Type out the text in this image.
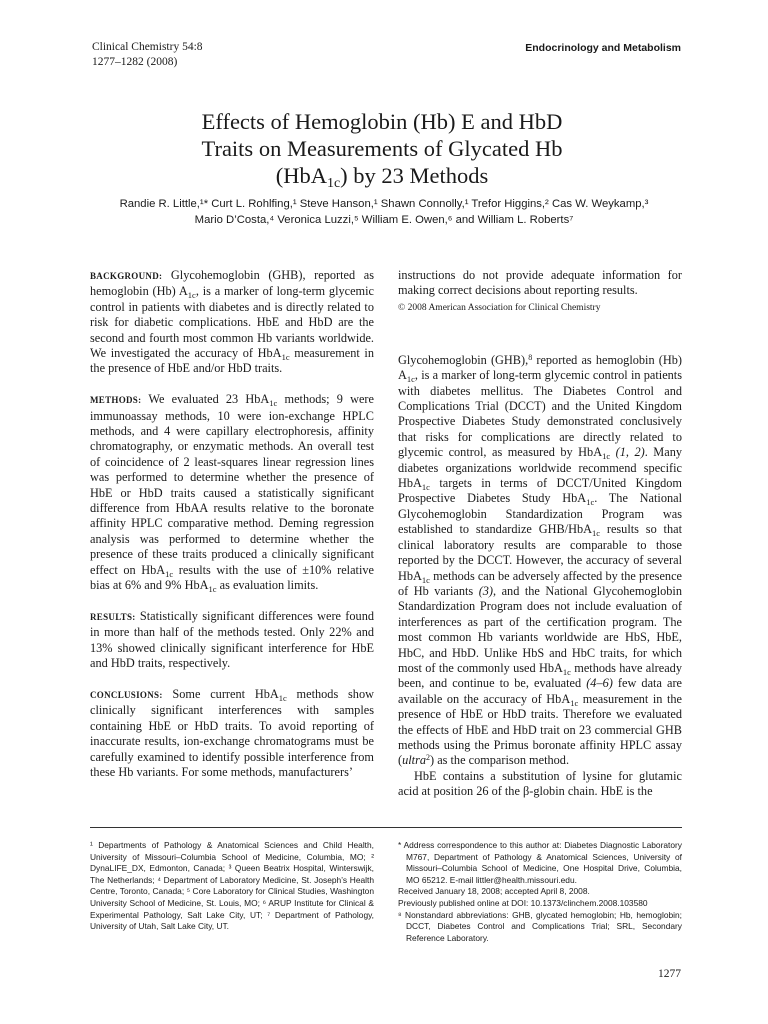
Clinical Chemistry 54:8
1277–1282 (2008)
Endocrinology and Metabolism
Effects of Hemoglobin (Hb) E and HbD
Traits on Measurements of Glycated Hb
(HbA$_{1c}$) by 23 Methods
Randie R. Little,¹* Curt L. Rohlfing,¹ Steve Hanson,¹ Shawn Connolly,¹ Trefor Higgins,² Cas W. Weykamp,³
Mario D’Costa,⁴ Veronica Luzzi,⁵ William E. Owen,⁶ and William L. Roberts⁷

BACKGROUND: Glycohemoglobin (GHB), reported as hemoglobin (Hb) $A_{1c}$, is a marker of long-term glycemic control in patients with diabetes and is directly related to risk for diabetic complications. HbE and HbD are the second and fourth most common Hb variants worldwide. We investigated the accuracy of HbA$_{1c}$ measurement in the presence of HbE and/or HbD traits.

METHODS: We evaluated 23 HbA$_{1c}$ methods; 9 were immunoassay methods, 10 were ion-exchange HPLC methods, and 4 were capillary electrophoresis, affinity chromatography, or enzymatic methods. An overall test of coincidence of 2 least-squares linear regression lines was performed to determine whether the presence of HbE or HbD traits caused a statistically significant difference from HbAA results relative to the boronate affinity HPLC comparative method. Deming regression analysis was performed to determine whether the presence of these traits produced a clinically significant effect on HbA$_{1c}$ results with the use of ±10% relative bias at 6% and 9% HbA$_{1c}$ as evaluation limits.

RESULTS: Statistically significant differences were found in more than half of the methods tested. Only 22% and 13% showed clinically significant interference for HbE and HbD traits, respectively.

CONCLUSIONS: Some current HbA$_{1c}$ methods show clinically significant interferences with samples containing HbE or HbD traits. To avoid reporting of inaccurate results, ion-exchange chromatograms must be carefully examined to identify possible interference from these Hb variants. For some methods, manufacturers’

instructions do not provide adequate information for making correct decisions about reporting results.

© 2008 American Association for Clinical Chemistry

Glycohemoglobin (GHB),$^8$ reported as hemoglobin (Hb) $A_{1c}$, is a marker of long-term glycemic control in patients with diabetes mellitus. The Diabetes Control and Complications Trial (DCCT) and the United Kingdom Prospective Diabetes Study demonstrated conclusively that risks for complications are directly related to glycemic control, as measured by HbA$_{1c}$ (1, 2). Many diabetes organizations worldwide recommend specific HbA$_{1c}$ targets in terms of DCCT/United Kingdom Prospective Diabetes Study HbA$_{1c}$. The National Glycohemoglobin Standardization Program was established to standardize GHB/HbA$_{1c}$ results so that clinical laboratory results are comparable to those reported by the DCCT. However, the accuracy of several HbA$_{1c}$ methods can be adversely affected by the presence of Hb variants (3), and the National Glycohemoglobin Standardization Program does not include evaluation of interferences as part of the certification program. The most common Hb variants worldwide are HbS, HbE, HbC, and HbD. Unlike HbS and HbC traits, for which most of the commonly used HbA$_{1c}$ methods have already been, and continue to be, evaluated (4–6) few data are available on the accuracy of HbA$_{1c}$ measurement in the presence of HbE or HbD traits. Therefore we evaluated the effects of HbE and HbD trait on 23 commercial GHB methods using the Primus boronate affinity HPLC assay (ultra$^2$) as the comparison method.

HbE contains a substitution of lysine for glutamic acid at position 26 of the β-globin chain. HbE is the

¹ Departments of Pathology & Anatomical Sciences and Child Health, University of Missouri–Columbia School of Medicine, Columbia, MO; ² DynaLIFE_DX, Edmonton, Canada; ³ Queen Beatrix Hospital, Winterswijk, The Netherlands; ⁴ Department of Laboratory Medicine, St. Joseph’s Health Centre, Toronto, Canada; ⁵ Core Laboratory for Clinical Studies, Washington University School of Medicine, St. Louis, MO; ⁶ ARUP Institute for Clinical & Experimental Pathology, Salt Lake City, UT; ⁷ Department of Pathology, University of Utah, Salt Lake City, UT.

* Address correspondence to this author at: Diabetes Diagnostic Laboratory M767, Department of Pathology & Anatomical Sciences, University of Missouri–Columbia School of Medicine, One Hospital Drive, Columbia, MO 65212. E-mail littler@health.missouri.edu.

Received January 18, 2008; accepted April 8, 2008.

Previously published online at DOI: 10.1373/clinchem.2008.103580

⁸ Nonstandard abbreviations: GHB, glycated hemoglobin; Hb, hemoglobin; DCCT, Diabetes Control and Complications Trial; SRL, Secondary Reference Laboratory.

1277
